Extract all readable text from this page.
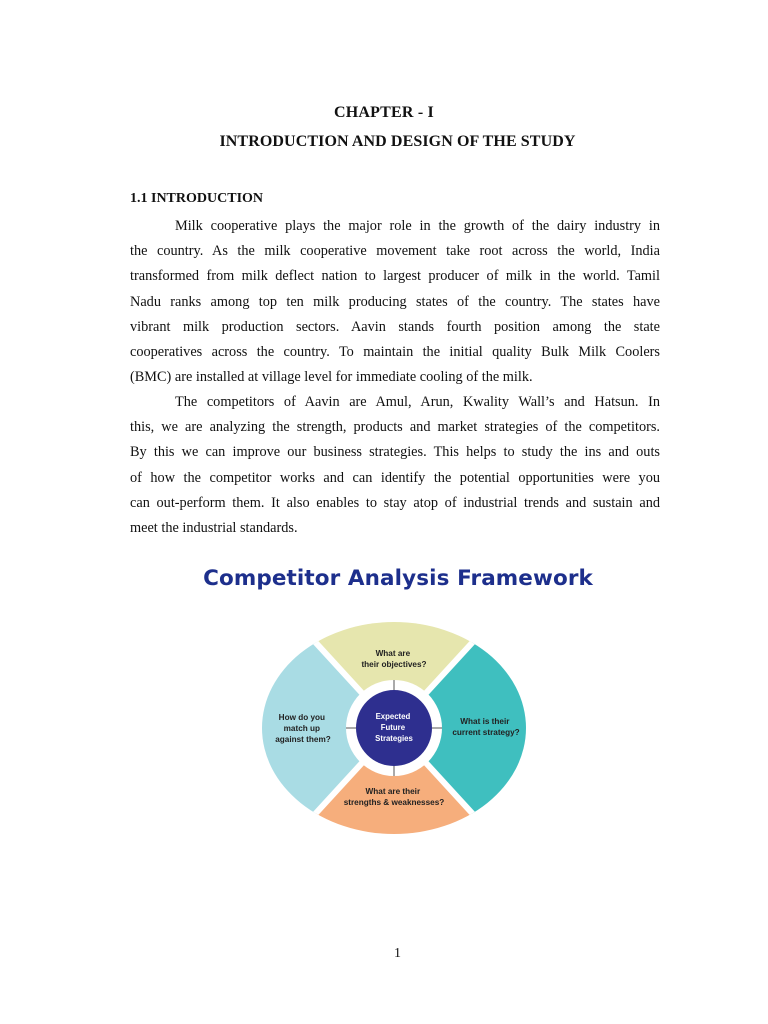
CHAPTER - I
INTRODUCTION AND DESIGN OF THE STUDY
1.1 INTRODUCTION
Milk cooperative plays the major role in the growth of the dairy industry in
the country. As the milk cooperative movement take root across the world, India
transformed from milk deflect nation to largest producer of milk in the world. Tamil
Nadu ranks among top ten milk producing states of the country. The states have
vibrant milk production sectors. Aavin stands fourth position among the state
cooperatives across the country. To maintain the initial quality Bulk Milk Coolers
(BMC) are installed at village level for immediate cooling of the milk.
The competitors of Aavin are Amul, Arun, Kwality Wall’s and Hatsun. In
this, we are analyzing the strength, products and market strategies of the competitors.
By this we can improve our business strategies. This helps to study the ins and outs
of how the competitor works and can identify the potential opportunities were you
can out-perform them. It also enables to stay atop of industrial trends and sustain and
meet the industrial standards.
Competitor Analysis Framework
What are their objectives?
What is their current strategy?
What are their strengths & weaknesses?
How do you match up against them?
Expected Future Strategies
1
